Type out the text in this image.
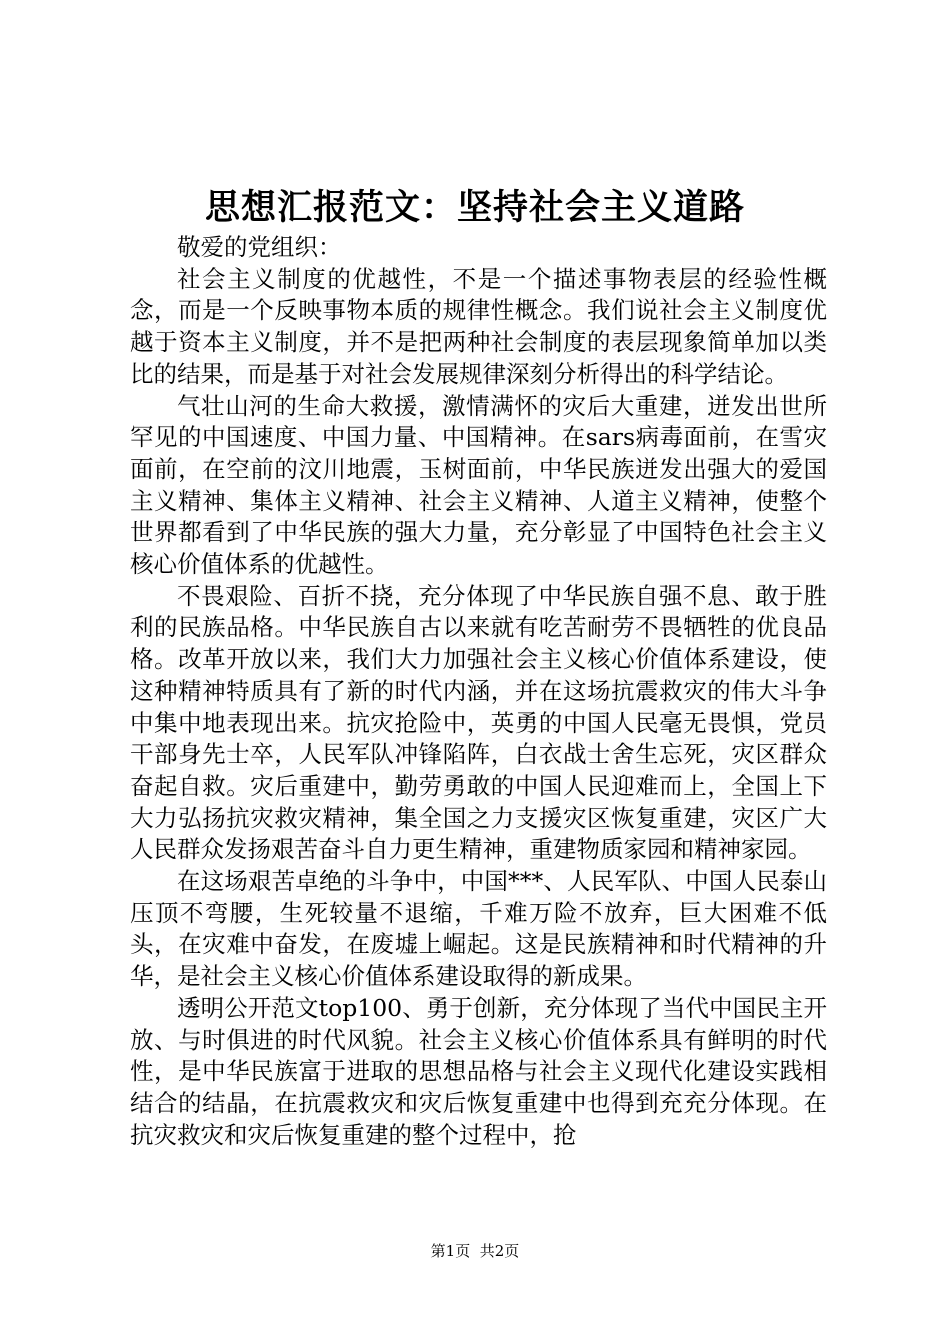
思想汇报范文：坚持社会主义道路

敬爱的党组织：

社会主义制度的优越性，不是一个描述事物表层的经验性概念，而是一个反映事物本质的规律性概念。我们说社会主义制度优越于资本主义制度，并不是把两种社会制度的表层现象简单加以类比的结果，而是基于对社会发展规律深刻分析得出的科学结论。

气壮山河的生命大救援，激情满怀的灾后大重建，迸发出世所罕见的中国速度、中国力量、中国精神。在sars病毒面前，在雪灾面前，在空前的汶川地震，玉树面前，中华民族迸发出强大的爱国主义精神、集体主义精神、社会主义精神、人道主义精神，使整个世界都看到了中华民族的强大力量，充分彰显了中国特色社会主义核心价值体系的优越性。

不畏艰险、百折不挠，充分体现了中华民族自强不息、敢于胜利的民族品格。中华民族自古以来就有吃苦耐劳不畏牺牲的优良品格。改革开放以来，我们大力加强社会主义核心价值体系建设，使这种精神特质具有了新的时代内涵，并在这场抗震救灾的伟大斗争中集中地表现出来。抗灾抢险中，英勇的中国人民毫无畏惧，党员干部身先士卒，人民军队冲锋陷阵，白衣战士舍生忘死，灾区群众奋起自救。灾后重建中，勤劳勇敢的中国人民迎难而上，全国上下大力弘扬抗灾救灾精神，集全国之力支援灾区恢复重建，灾区广大人民群众发扬艰苦奋斗自力更生精神，重建物质家园和精神家园。

在这场艰苦卓绝的斗争中，中国***、人民军队、中国人民泰山压顶不弯腰，生死较量不退缩，千难万险不放弃，巨大困难不低头，在灾难中奋发，在废墟上崛起。这是民族精神和时代精神的升华，是社会主义核心价值体系建设取得的新成果。

透明公开范文top100、勇于创新，充分体现了当代中国民主开放、与时俱进的时代风貌。社会主义核心价值体系具有鲜明的时代性，是中华民族富于进取的思想品格与社会主义现代化建设实践相结合的结晶，在抗震救灾和灾后恢复重建中也得到充充分体现。在抗灾救灾和灾后恢复重建的整个过程中，抢

第1页 共2页
